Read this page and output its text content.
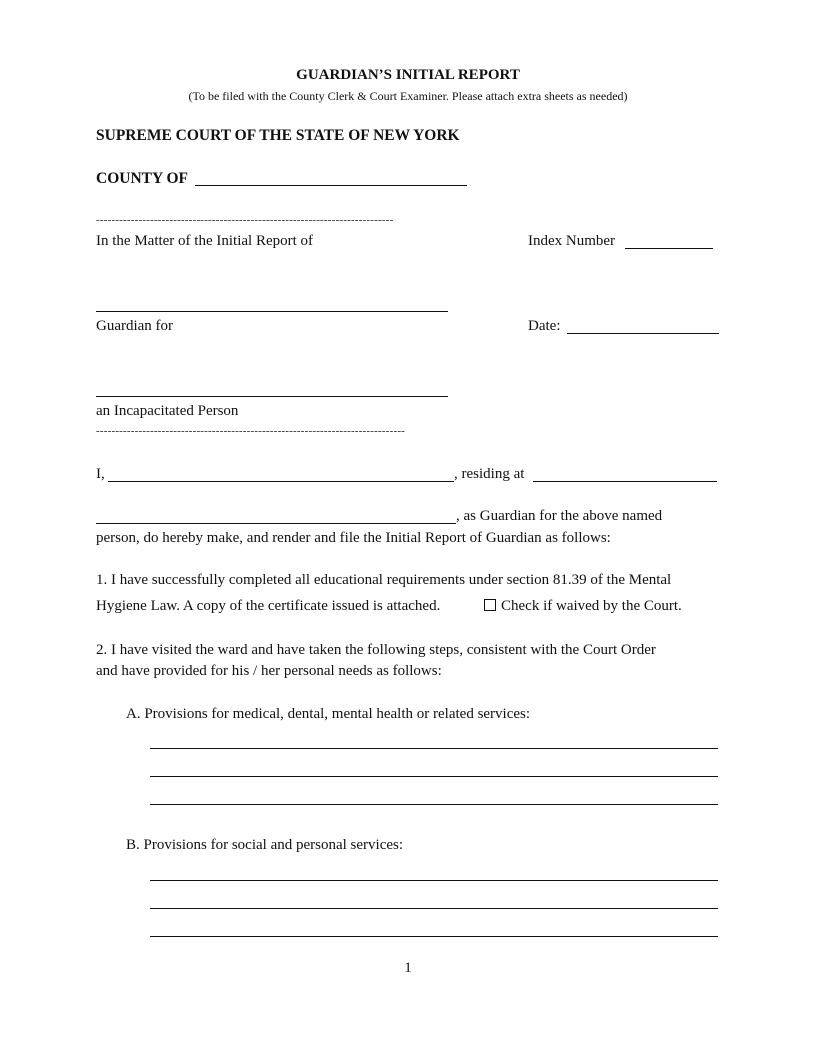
GUARDIAN’S INITIAL REPORT
(To be filed with the County Clerk & Court Examiner. Please attach extra sheets as needed)
SUPREME COURT OF THE STATE OF NEW YORK
COUNTY OF
-----------------------------------------------------------------------------
In the Matter of the Initial Report of	Index Number
Guardian for	Date:
an Incapacitated Person
--------------------------------------------------------------------------------
I,	, residing at
, as Guardian for the above named
person, do hereby make, and render and file the Initial Report of Guardian as follows:
1. I have successfully completed all educational requirements under section 81.39 of the Mental
Hygiene Law. A copy of the certificate issued is attached.	Check if waived by the Court.
2. I have visited the ward and have taken the following steps, consistent with the Court Order
and have provided for his / her personal needs as follows:
A. Provisions for medical, dental, mental health or related services:
B. Provisions for social and personal services:
1
